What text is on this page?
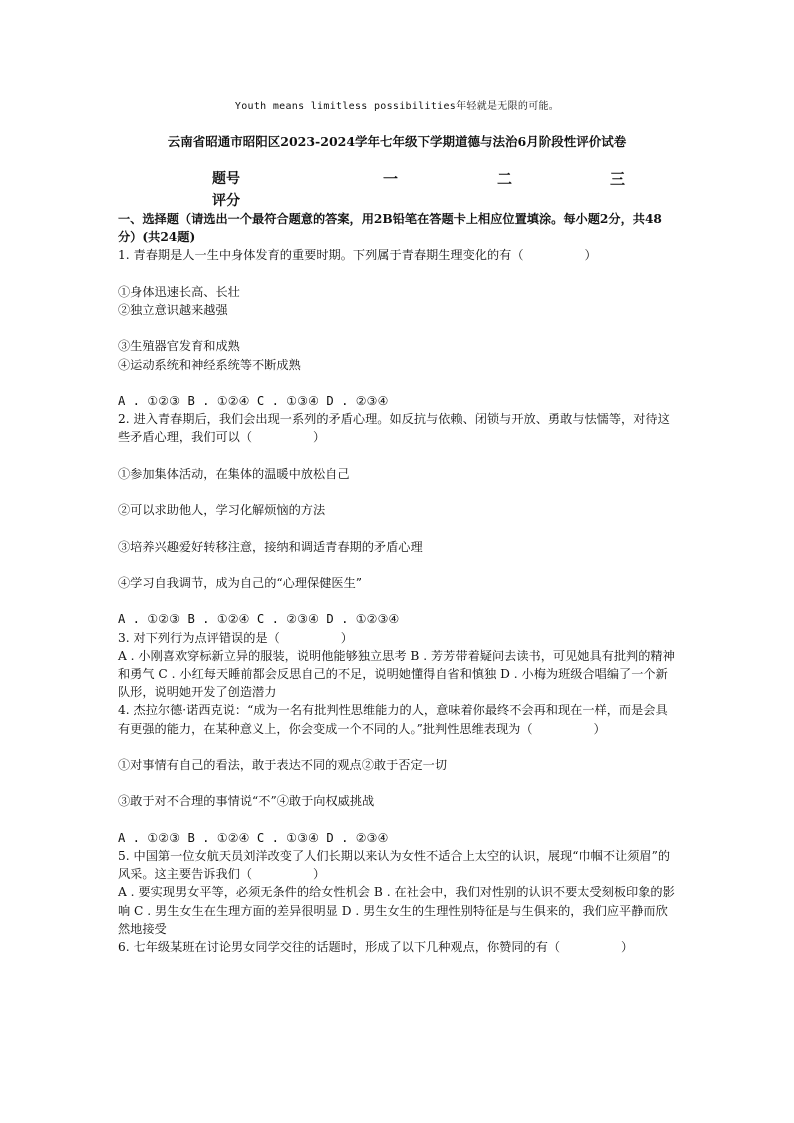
Youth means limitless possibilities年轻就是无限的可能。
云南省昭通市昭阳区2023-2024学年七年级下学期道德与法治6月阶段性评价试卷
题号	一	二	三
评分

一、选择题（请选出一个最符合题意的答案，用2B铅笔在答题卡上相应位置填涂。每小题2分，共48分）(共24题)

1. 青春期是人一生中身体发育的重要时期。下列属于青春期生理变化的有（　　　　　）

①身体迅速长高、长壮

②独立意识越来越强

③生殖器官发育和成熟

④运动系统和神经系统等不断成熟

A . ①②③ B . ①②④ C . ①③④ D . ②③④

2. 进入青春期后，我们会出现一系列的矛盾心理。如反抗与依赖、闭锁与开放、勇敢与怯懦等，对待这些矛盾心理，我们可以（　　　　　）

①参加集体活动，在集体的温暖中放松自己

②可以求助他人，学习化解烦恼的方法

③培养兴趣爱好转移注意，接纳和调适青春期的矛盾心理

④学习自我调节，成为自己的“心理保健医生”

A . ①②③ B . ①②④ C . ②③④ D . ①②③④

3. 对下列行为点评错误的是（　　　　　）

A . 小刚喜欢穿标新立异的服装，说明他能够独立思考 B . 芳芳带着疑问去读书，可见她具有批判的精神和勇气 C . 小红每天睡前都会反思自己的不足，说明她懂得自省和慎独 D . 小梅为班级合唱编了一个新队形，说明她开发了创造潜力

4. 杰拉尔德·诺西克说：“成为一名有批判性思维能力的人，意味着你最终不会再和现在一样，而是会具有更强的能力，在某种意义上，你会变成一个不同的人。”批判性思维表现为（　　　　　）

①对事情有自己的看法，敢于表达不同的观点②敢于否定一切

③敢于对不合理的事情说“不”④敢于向权威挑战

A . ①②③ B . ①②④ C . ①③④ D . ②③④

5. 中国第一位女航天员刘洋改变了人们长期以来认为女性不适合上太空的认识，展现“巾帼不让须眉”的风采。这主要告诉我们（　　　　　）

A . 要实现男女平等，必须无条件的给女性机会 B . 在社会中，我们对性别的认识不要太受刻板印象的影响 C . 男生女生在生理方面的差异很明显 D . 男生女生的生理性别特征是与生俱来的，我们应平静而欣然地接受

6. 七年级某班在讨论男女同学交往的话题时，形成了以下几种观点，你赞同的有（　　　　　）
